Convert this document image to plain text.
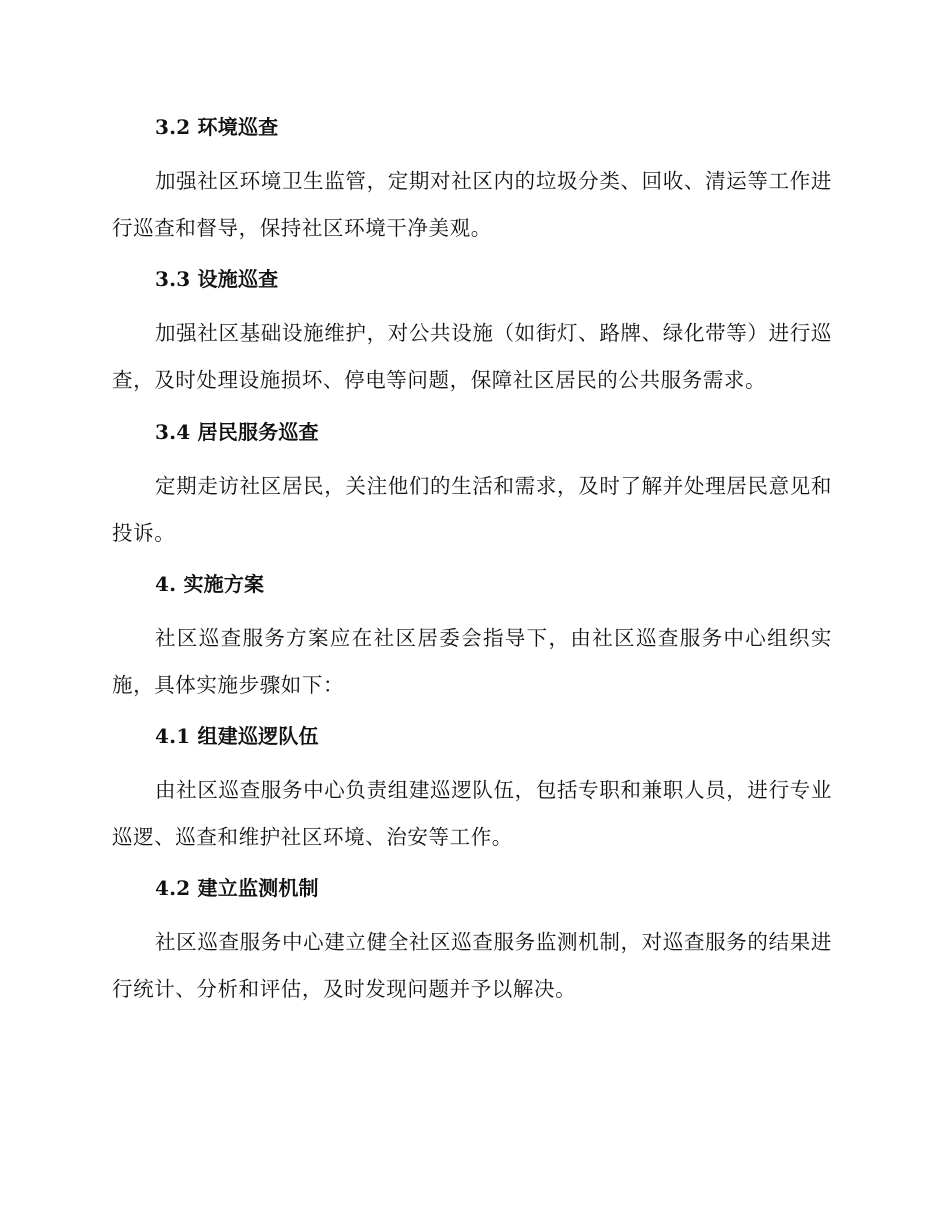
3.2 环境巡查
加强社区环境卫生监管，定期对社区内的垃圾分类、回收、清运等工作进行巡查和督导，保持社区环境干净美观。
3.3 设施巡查
加强社区基础设施维护，对公共设施（如街灯、路牌、绿化带等）进行巡查，及时处理设施损坏、停电等问题，保障社区居民的公共服务需求。
3.4 居民服务巡查
定期走访社区居民，关注他们的生活和需求，及时了解并处理居民意见和投诉。
4. 实施方案
社区巡查服务方案应在社区居委会指导下，由社区巡查服务中心组织实施，具体实施步骤如下：
4.1 组建巡逻队伍
由社区巡查服务中心负责组建巡逻队伍，包括专职和兼职人员，进行专业巡逻、巡查和维护社区环境、治安等工作。
4.2 建立监测机制
社区巡查服务中心建立健全社区巡查服务监测机制，对巡查服务的结果进行统计、分析和评估，及时发现问题并予以解决。
